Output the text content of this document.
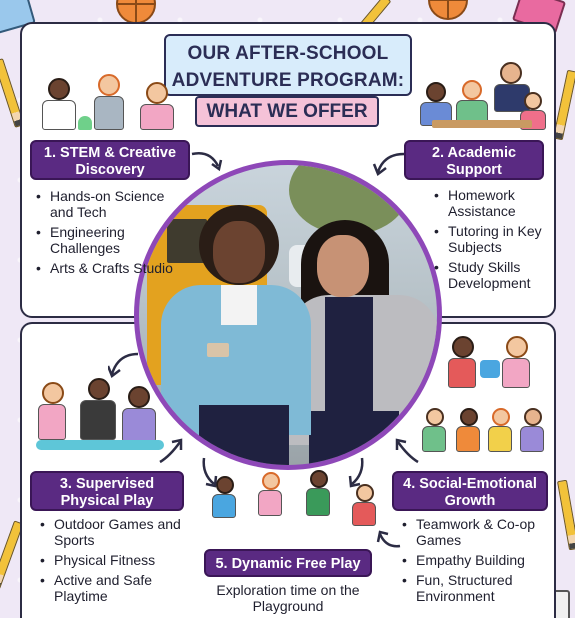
OUR AFTER-SCHOOL ADVENTURE PROGRAM:
WHAT WE OFFER
1. STEM & Creative Discovery
2. Academic Support
3. Supervised Physical Play
4. Social-Emotional Growth
5. Dynamic Free Play
• Hands-on Science and Tech
• Engineering Challenges
• Arts & Crafts Studio
• Homework Assistance
• Tutoring in Key Subjects
• Study Skills Development
• Outdoor Games and Sports
• Physical Fitness
• Active and Safe Playtime
• Teamwork & Co-op Games
• Empathy Building
• Fun, Structured Environment
Exploration time on the Playground
